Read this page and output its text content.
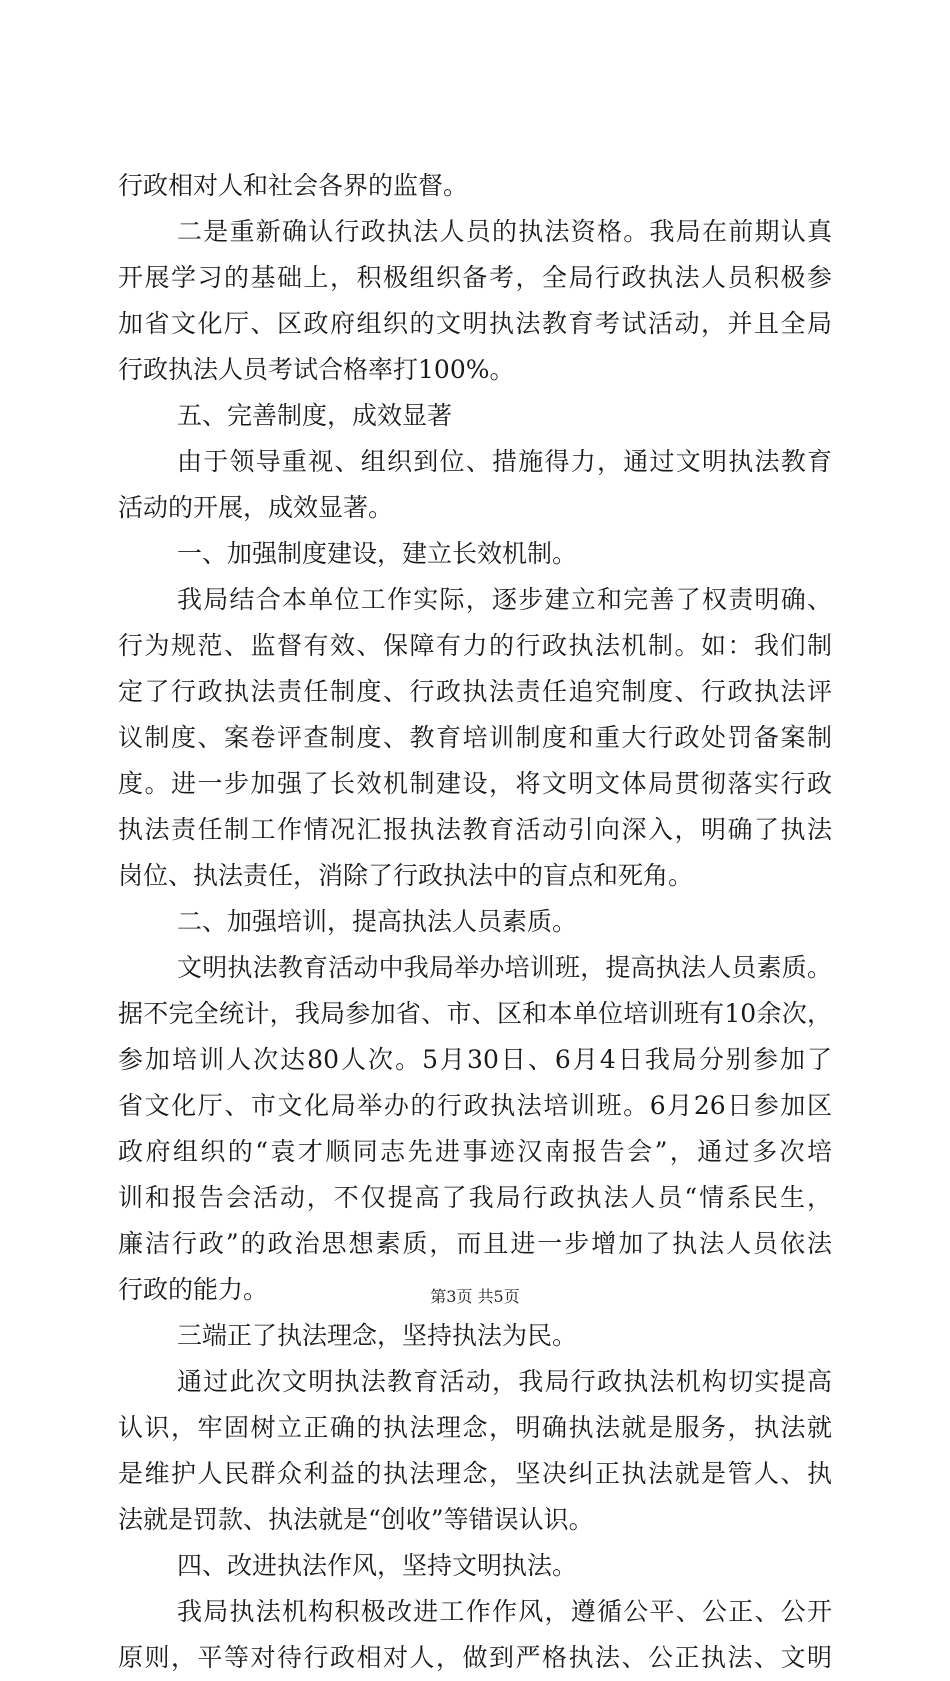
行政相对人和社会各界的监督。
二是重新确认行政执法人员的执法资格。我局在前期认真
开展学习的基础上，积极组织备考，全局行政执法人员积极参
加省文化厅、区政府组织的文明执法教育考试活动，并且全局
行政执法人员考试合格率打100%。
五、完善制度，成效显著
由于领导重视、组织到位、措施得力，通过文明执法教育
活动的开展，成效显著。
一、加强制度建设，建立长效机制。
我局结合本单位工作实际，逐步建立和完善了权责明确、
行为规范、监督有效、保障有力的行政执法机制。如：我们制
定了行政执法责任制度、行政执法责任追究制度、行政执法评
议制度、案卷评查制度、教育培训制度和重大行政处罚备案制
度。进一步加强了长效机制建设，将文明文体局贯彻落实行政
执法责任制工作情况汇报执法教育活动引向深入，明确了执法
岗位、执法责任，消除了行政执法中的盲点和死角。
二、加强培训，提高执法人员素质。
文明执法教育活动中我局举办培训班，提高执法人员素质。
据不完全统计，我局参加省、市、区和本单位培训班有10余次，
参加培训人次达80人次。5月30日、6月4日我局分别参加了
省文化厅、市文化局举办的行政执法培训班。6月26日参加区
政府组织的“袁才顺同志先进事迹汉南报告会”，通过多次培
训和报告会活动，不仅提高了我局行政执法人员“情系民生，
廉洁行政”的政治思想素质，而且进一步增加了执法人员依法
行政的能力。
三端正了执法理念，坚持执法为民。
通过此次文明执法教育活动，我局行政执法机构切实提高
认识，牢固树立正确的执法理念，明确执法就是服务，执法就
是维护人民群众利益的执法理念，坚决纠正执法就是管人、执
法就是罚款、执法就是“创收”等错误认识。
四、改进执法作风，坚持文明执法。
我局执法机构积极改进工作作风，遵循公平、公正、公开
原则，平等对待行政相对人，做到严格执法、公正执法、文明
第3页 共5页
